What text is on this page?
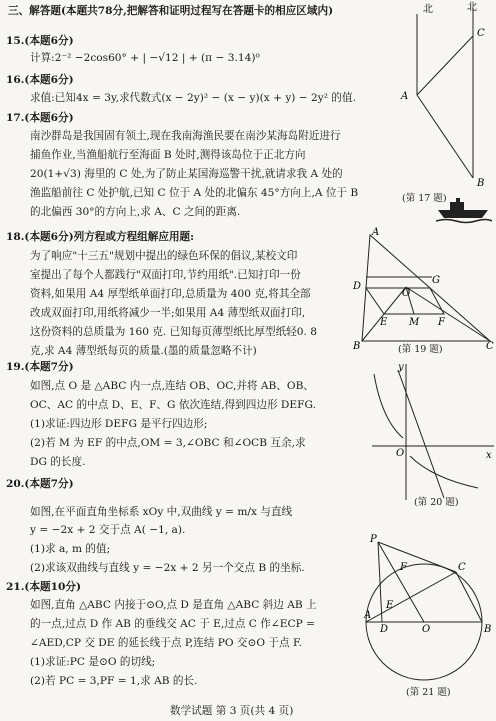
三、解答题(本题共78分,把解答和证明过程写在答题卡的相应区域内)
15.(本题6分)
计算:2⁻² −2cos60° + | −√12 | + (π − 3.14)⁰
16.(本题6分)
求值:已知4x = 3y,求代数式(x − 2y)² − (x − y)(x + y) − 2y² 的值.
17.(本题6分)
南沙群岛是我国固有领土,现在我南海渔民要在南沙某海岛附近进行
捕鱼作业,当渔船航行至海面 B 处时,测得该岛位于正北方向
20(1+√3) 海里的 C 处,为了防止某国海巡警干扰,就请求我 A 处的
渔监船前往 C 处护航,已知 C 位于 A 处的北偏东 45°方向上,A 位于 B
的北偏西 30°的方向上,求 A、C 之间的距离.
北	北
A
C
B
(第 17 题)
18.(本题6分)列方程或方程组解应用题:
为了响应"十三五"规划中提出的绿色环保的倡议,某校文印
室提出了每个人都践行"双面打印,节约用纸".已知打印一份
资料,如果用 A4 厚型纸单面打印,总质量为 400 克,将其全部
改成双面打印,用纸将减少一半;如果用 A4 薄型纸双面打印,
这份资料的总质量为 160 克. 已知每页薄型纸比厚型纸轻0. 8
克,求 A4 薄型纸每页的质量.(墨的质量忽略不计)
A
D
G
O
E M F
B	C
(第 19 题)
19.(本题7分)
如图,点 O 是 △ABC 内一点,连结 OB、OC,并将 AB、OB、
OC、AC 的中点 D、E、F、G 依次连结,得到四边形 DEFG.
(1)求证:四边形 DEFG 是平行四边形;
(2)若 M 为 EF 的中点,OM = 3,∠OBC 和∠OCB 互余,求
DG 的长度.
y
x
O
(第 20 题)
20.(本题7分)
如图,在平面直角坐标系 xOy 中,双曲线 y = m/x 与直线
y = −2x + 2 交于点 A( −1, a).
(1)求 a, m 的值;
(2)求该双曲线与直线 y = −2x + 2 另一个交点 B 的坐标.
P
C
F
E
A
D	O	B
(第 21 题)
21.(本题10分)
如图,直角 △ABC 内接于⊙O,点 D 是直角 △ABC 斜边 AB 上
的一点,过点 D 作 AB 的垂线交 AC 于 E,过点 C 作∠ECP =
∠AED,CP 交 DE 的延长线于点 P,连结 PO 交⊙O 于点 F.
(1)求证:PC 是⊙O 的切线;
(2)若 PC = 3,PF = 1,求 AB 的长.
数学试题 第 3 页(共 4 页)
